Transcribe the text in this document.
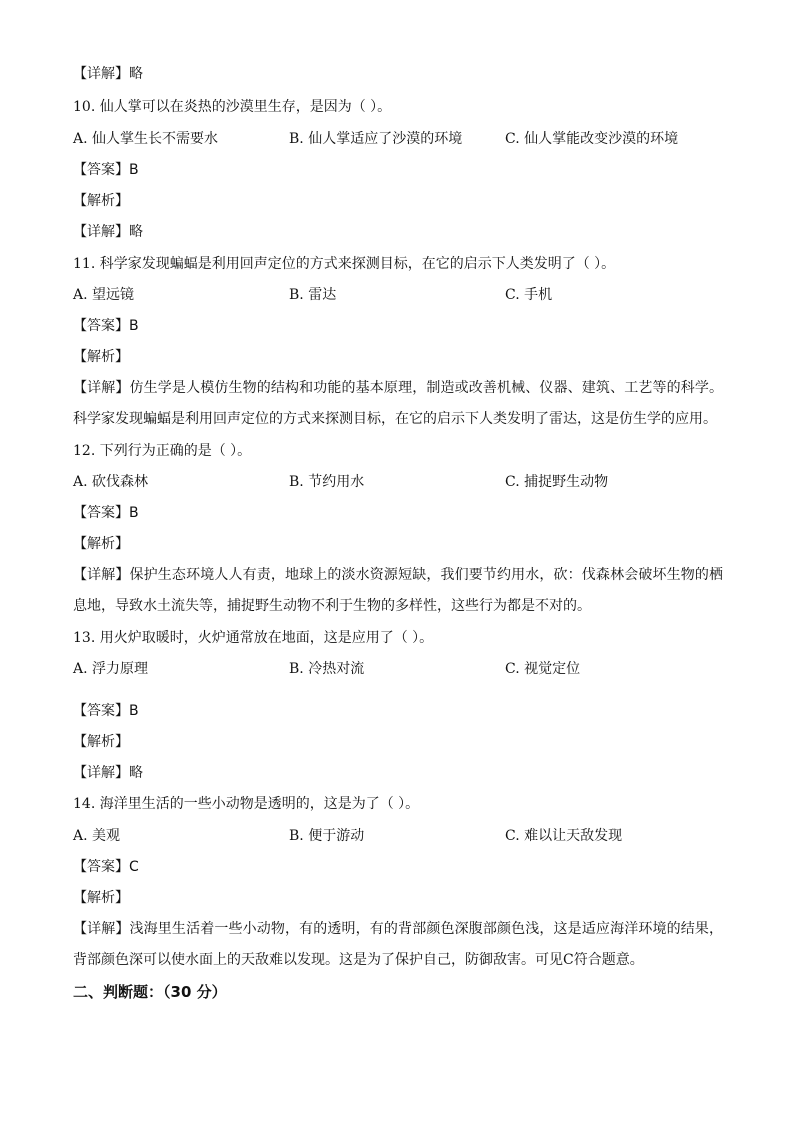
【详解】略
10. 仙人掌可以在炎热的沙漠里生存，是因为（ ）。
A. 仙人掌生长不需要水	B. 仙人掌适应了沙漠的环境	C. 仙人掌能改变沙漠的环境
【答案】B
【解析】
【详解】略
11. 科学家发现蝙蝠是利用回声定位的方式来探测目标，在它的启示下人类发明了（ ）。
A. 望远镜	B. 雷达	C. 手机
【答案】B
【解析】
【详解】仿生学是人模仿生物的结构和功能的基本原理，制造或改善机械、仪器、建筑、工艺等的科学。科学家发现蝙蝠是利用回声定位的方式来探测目标，在它的启示下人类发明了雷达，这是仿生学的应用。
12. 下列行为正确的是（ ）。
A. 砍伐森林	B. 节约用水	C. 捕捉野生动物
【答案】B
【解析】
【详解】保护生态环境人人有责，地球上的淡水资源短缺，我们要节约用水，砍：伐森林会破坏生物的栖息地，导致水土流失等，捕捉野生动物不利于生物的多样性，这些行为都是不对的。
13. 用火炉取暖时，火炉通常放在地面，这是应用了（ ）。
A. 浮力原理	B. 冷热对流	C. 视觉定位
【答案】B
【解析】
【详解】略
14. 海洋里生活的一些小动物是透明的，这是为了（ ）。
A. 美观	B. 便于游动	C. 难以让天敌发现
【答案】C
【解析】
【详解】浅海里生活着一些小动物，有的透明，有的背部颜色深腹部颜色浅，这是适应海洋环境的结果，背部颜色深可以使水面上的天敌难以发现。这是为了保护自己，防御敌害。可见C符合题意。
二、判断题：（30 分）
